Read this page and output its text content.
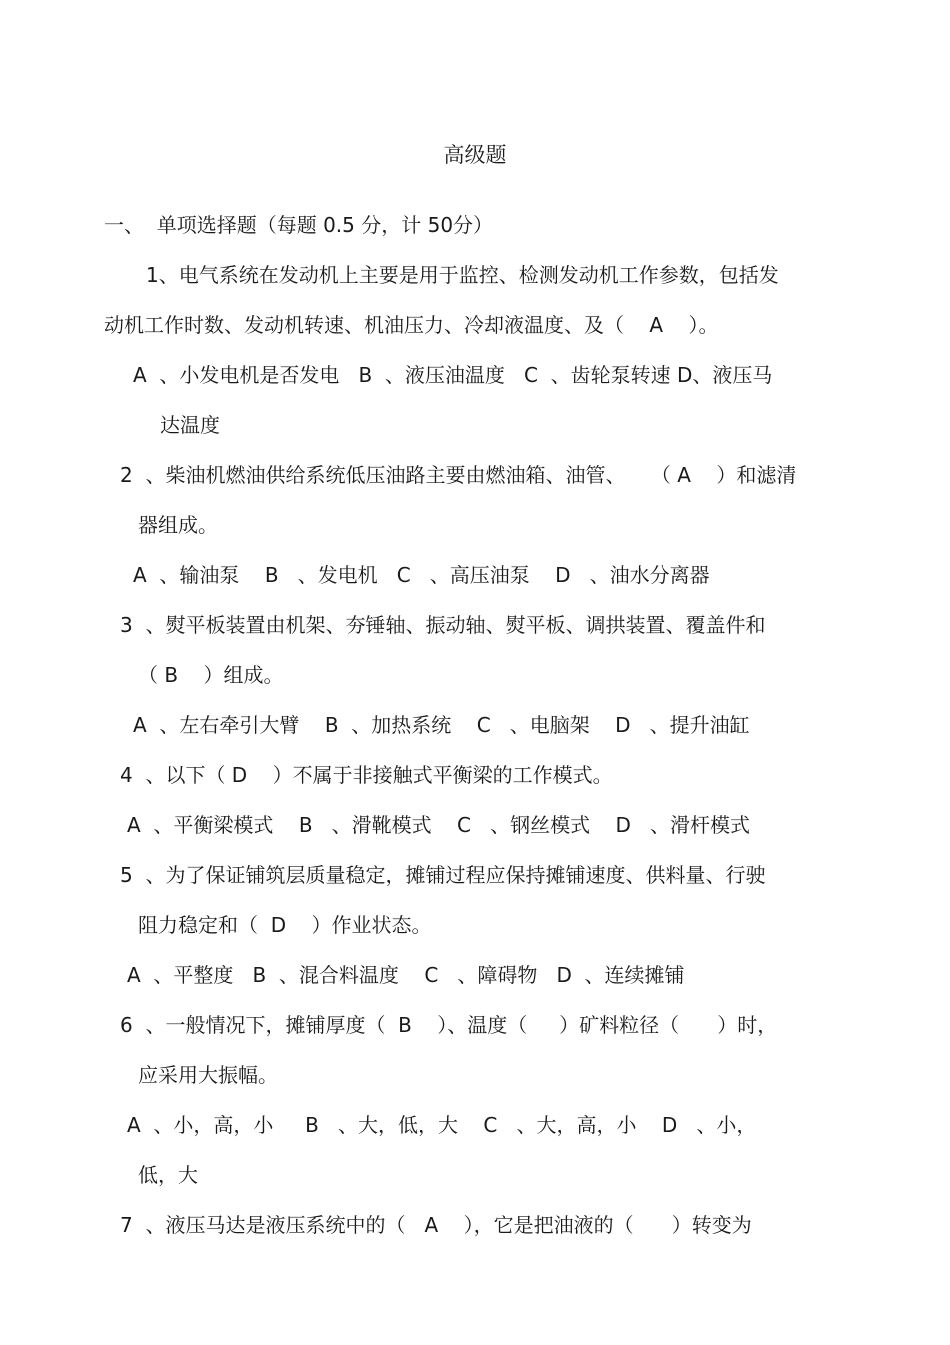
高级题
一、  单项选择题（每题 0.5 分，计 50分）
1、电气系统在发动机上主要是用于监控、检测发动机工作参数，包括发
动机工作时数、发动机转速、机油压力、冷却液温度、及（    A    ）。
A  、小发电机是否发电   B  、液压油温度   C  、齿轮泵转速 D、液压马
达温度
2  、柴油机燃油供给系统低压油路主要由燃油箱、油管、    （ A    ）和滤清
器组成。
A  、输油泵    B   、发电机   C   、高压油泵    D   、油水分离器
3  、熨平板装置由机架、夯锤轴、振动轴、熨平板、调拱装置、覆盖件和
（ B    ）组成。
A  、左右牵引大臂    B  、加热系统    C   、电脑架    D   、提升油缸
4  、以下（ D    ）不属于非接触式平衡梁的工作模式。
A  、平衡梁模式    B   、滑靴模式    C   、钢丝模式    D   、滑杆模式
5  、为了保证铺筑层质量稳定，摊铺过程应保持摊铺速度、供料量、行驶
阻力稳定和（  D    ）作业状态。
A  、平整度   B  、混合料温度    C   、障碍物   D  、连续摊铺
6  、一般情况下，摊铺厚度（  B    ）、温度（     ）矿料粒径（      ）时，
应采用大振幅。
A  、小，高，小     B   、大，低，大    C   、大，高，小    D   、小，
低，大
7  、液压马达是液压系统中的（   A    ），它是把油液的（      ）转变为
